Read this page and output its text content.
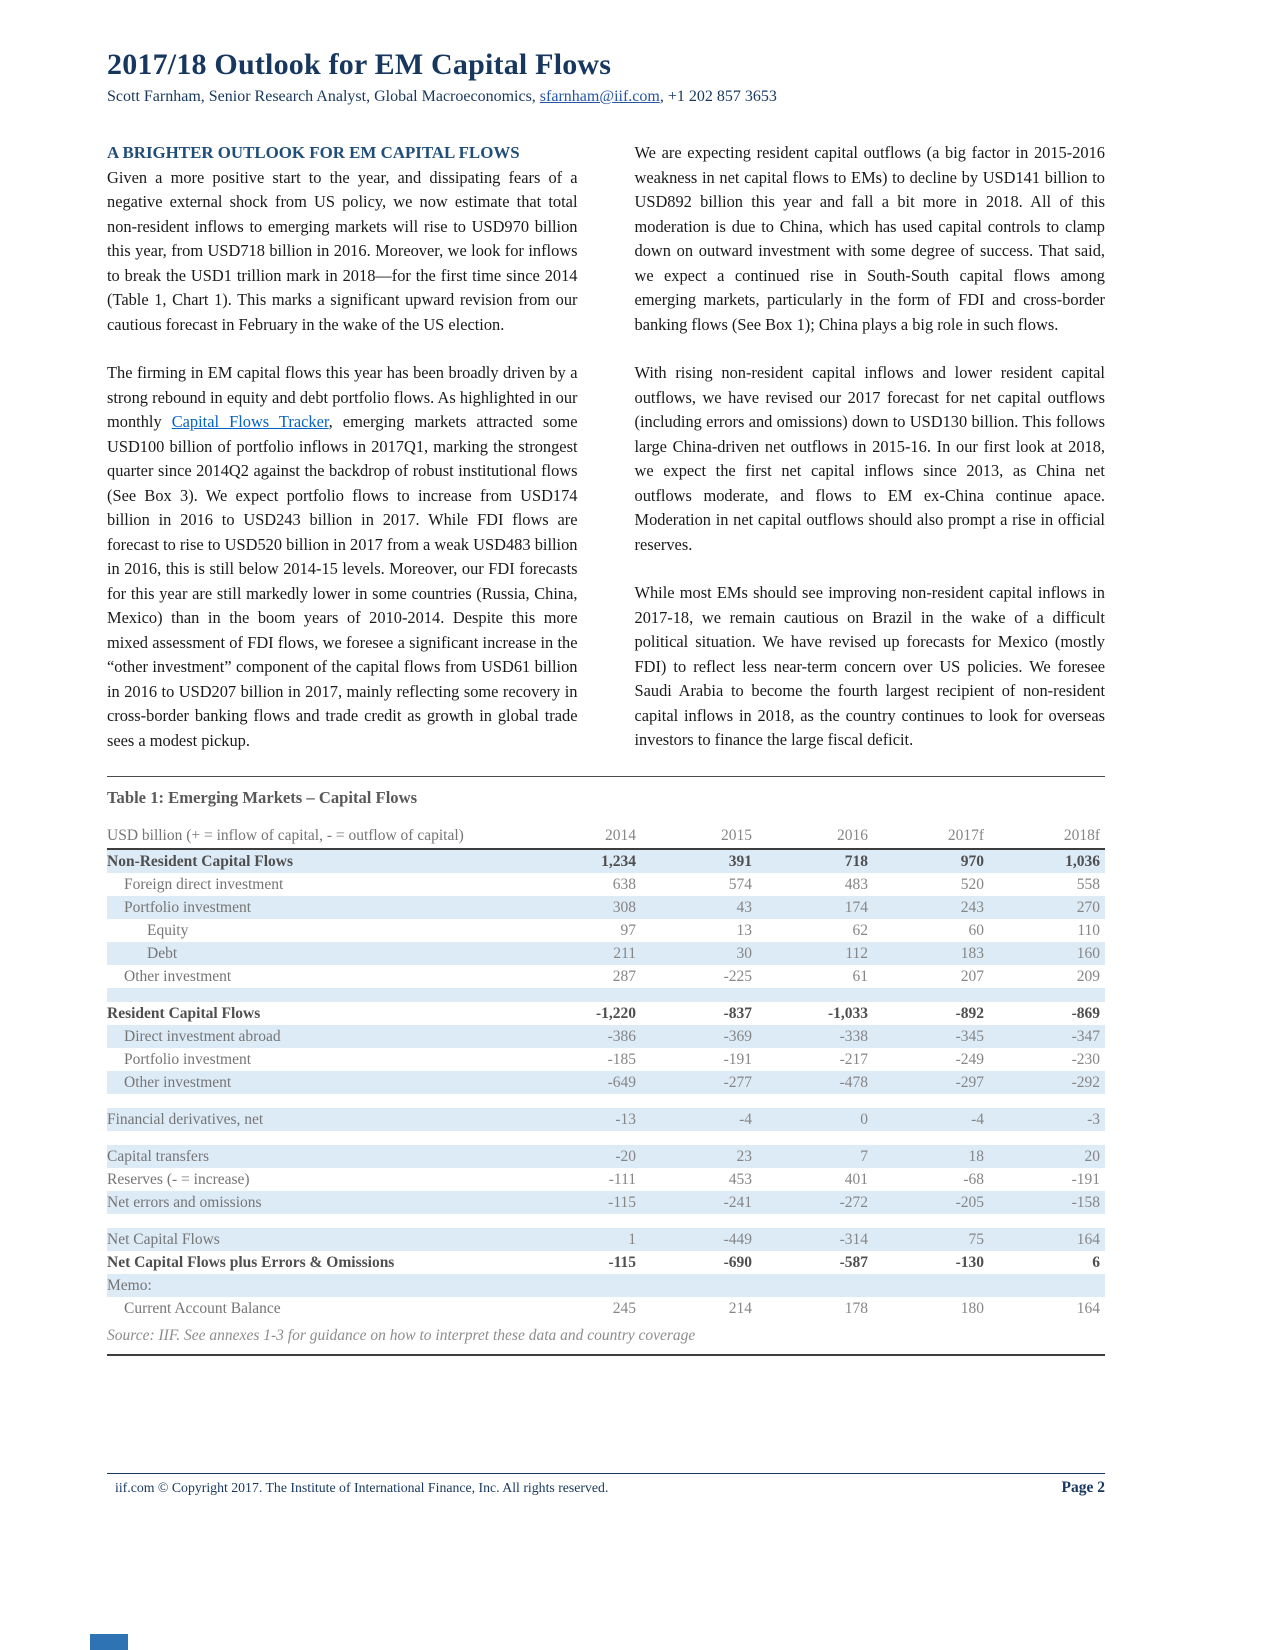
2017/18 Outlook for EM Capital Flows

Scott Farnham, Senior Research Analyst, Global Macroeconomics, sfarnham@iif.com, +1 202 857 3653

A BRIGHTER OUTLOOK FOR EM CAPITAL FLOWS

Given a more positive start to the year, and dissipating fears of a negative external shock from US policy, we now estimate that total non-resident inflows to emerging markets will rise to USD970 billion this year, from USD718 billion in 2016. Moreover, we look for inflows to break the USD1 trillion mark in 2018—for the first time since 2014 (Table 1, Chart 1). This marks a significant upward revision from our cautious forecast in February in the wake of the US election.

The firming in EM capital flows this year has been broadly driven by a strong rebound in equity and debt portfolio flows. As highlighted in our monthly Capital Flows Tracker, emerging markets attracted some USD100 billion of portfolio inflows in 2017Q1, marking the strongest quarter since 2014Q2 against the backdrop of robust institutional flows (See Box 3). We expect portfolio flows to increase from USD174 billion in 2016 to USD243 billion in 2017. While FDI flows are forecast to rise to USD520 billion in 2017 from a weak USD483 billion in 2016, this is still below 2014-15 levels. Moreover, our FDI forecasts for this year are still markedly lower in some countries (Russia, China, Mexico) than in the boom years of 2010-2014. Despite this more mixed assessment of FDI flows, we foresee a significant increase in the “other investment” component of the capital flows from USD61 billion in 2016 to USD207 billion in 2017, mainly reflecting some recovery in cross-border banking flows and trade credit as growth in global trade sees a modest pickup.

We are expecting resident capital outflows (a big factor in 2015-2016 weakness in net capital flows to EMs) to decline by USD141 billion to USD892 billion this year and fall a bit more in 2018. All of this moderation is due to China, which has used capital controls to clamp down on outward investment with some degree of success. That said, we expect a continued rise in South-South capital flows among emerging markets, particularly in the form of FDI and cross-border banking flows (See Box 1); China plays a big role in such flows.

With rising non-resident capital inflows and lower resident capital outflows, we have revised our 2017 forecast for net capital outflows (including errors and omissions) down to USD130 billion. This follows large China-driven net outflows in 2015-16. In our first look at 2018, we expect the first net capital inflows since 2013, as China net outflows moderate, and flows to EM ex-China continue apace. Moderation in net capital outflows should also prompt a rise in official reserves.

While most EMs should see improving non-resident capital inflows in 2017-18, we remain cautious on Brazil in the wake of a difficult political situation. We have revised up forecasts for Mexico (mostly FDI) to reflect less near-term concern over US policies. We foresee Saudi Arabia to become the fourth largest recipient of non-resident capital inflows in 2018, as the country continues to look for overseas investors to finance the large fiscal deficit.

Table 1: Emerging Markets – Capital Flows
USD billion (+ = inflow of capital, - = outflow of capital)	2014	2015	2016	2017f	2018f
Non-Resident Capital Flows	1,234	391	718	970	1,036
Foreign direct investment	638	574	483	520	558
Portfolio investment	308	43	174	243	270
Equity	97	13	62	60	110
Debt	211	30	112	183	160
Other investment	287	-225	61	207	209
Resident Capital Flows	-1,220	-837	-1,033	-892	-869
Direct investment abroad	-386	-369	-338	-345	-347
Portfolio investment	-185	-191	-217	-249	-230
Other investment	-649	-277	-478	-297	-292
Financial derivatives, net	-13	-4	0	-4	-3
Capital transfers	-20	23	7	18	20
Reserves (- = increase)	-111	453	401	-68	-191
Net errors and omissions	-115	-241	-272	-205	-158
Net Capital Flows	1	-449	-314	75	164
Net Capital Flows plus Errors & Omissions	-115	-690	-587	-130	6
Memo:
Current Account Balance	245	214	178	180	164

Source: IIF. See annexes 1-3 for guidance on how to interpret these data and country coverage

iif.com © Copyright 2017. The Institute of International Finance, Inc. All rights reserved.	Page 2
